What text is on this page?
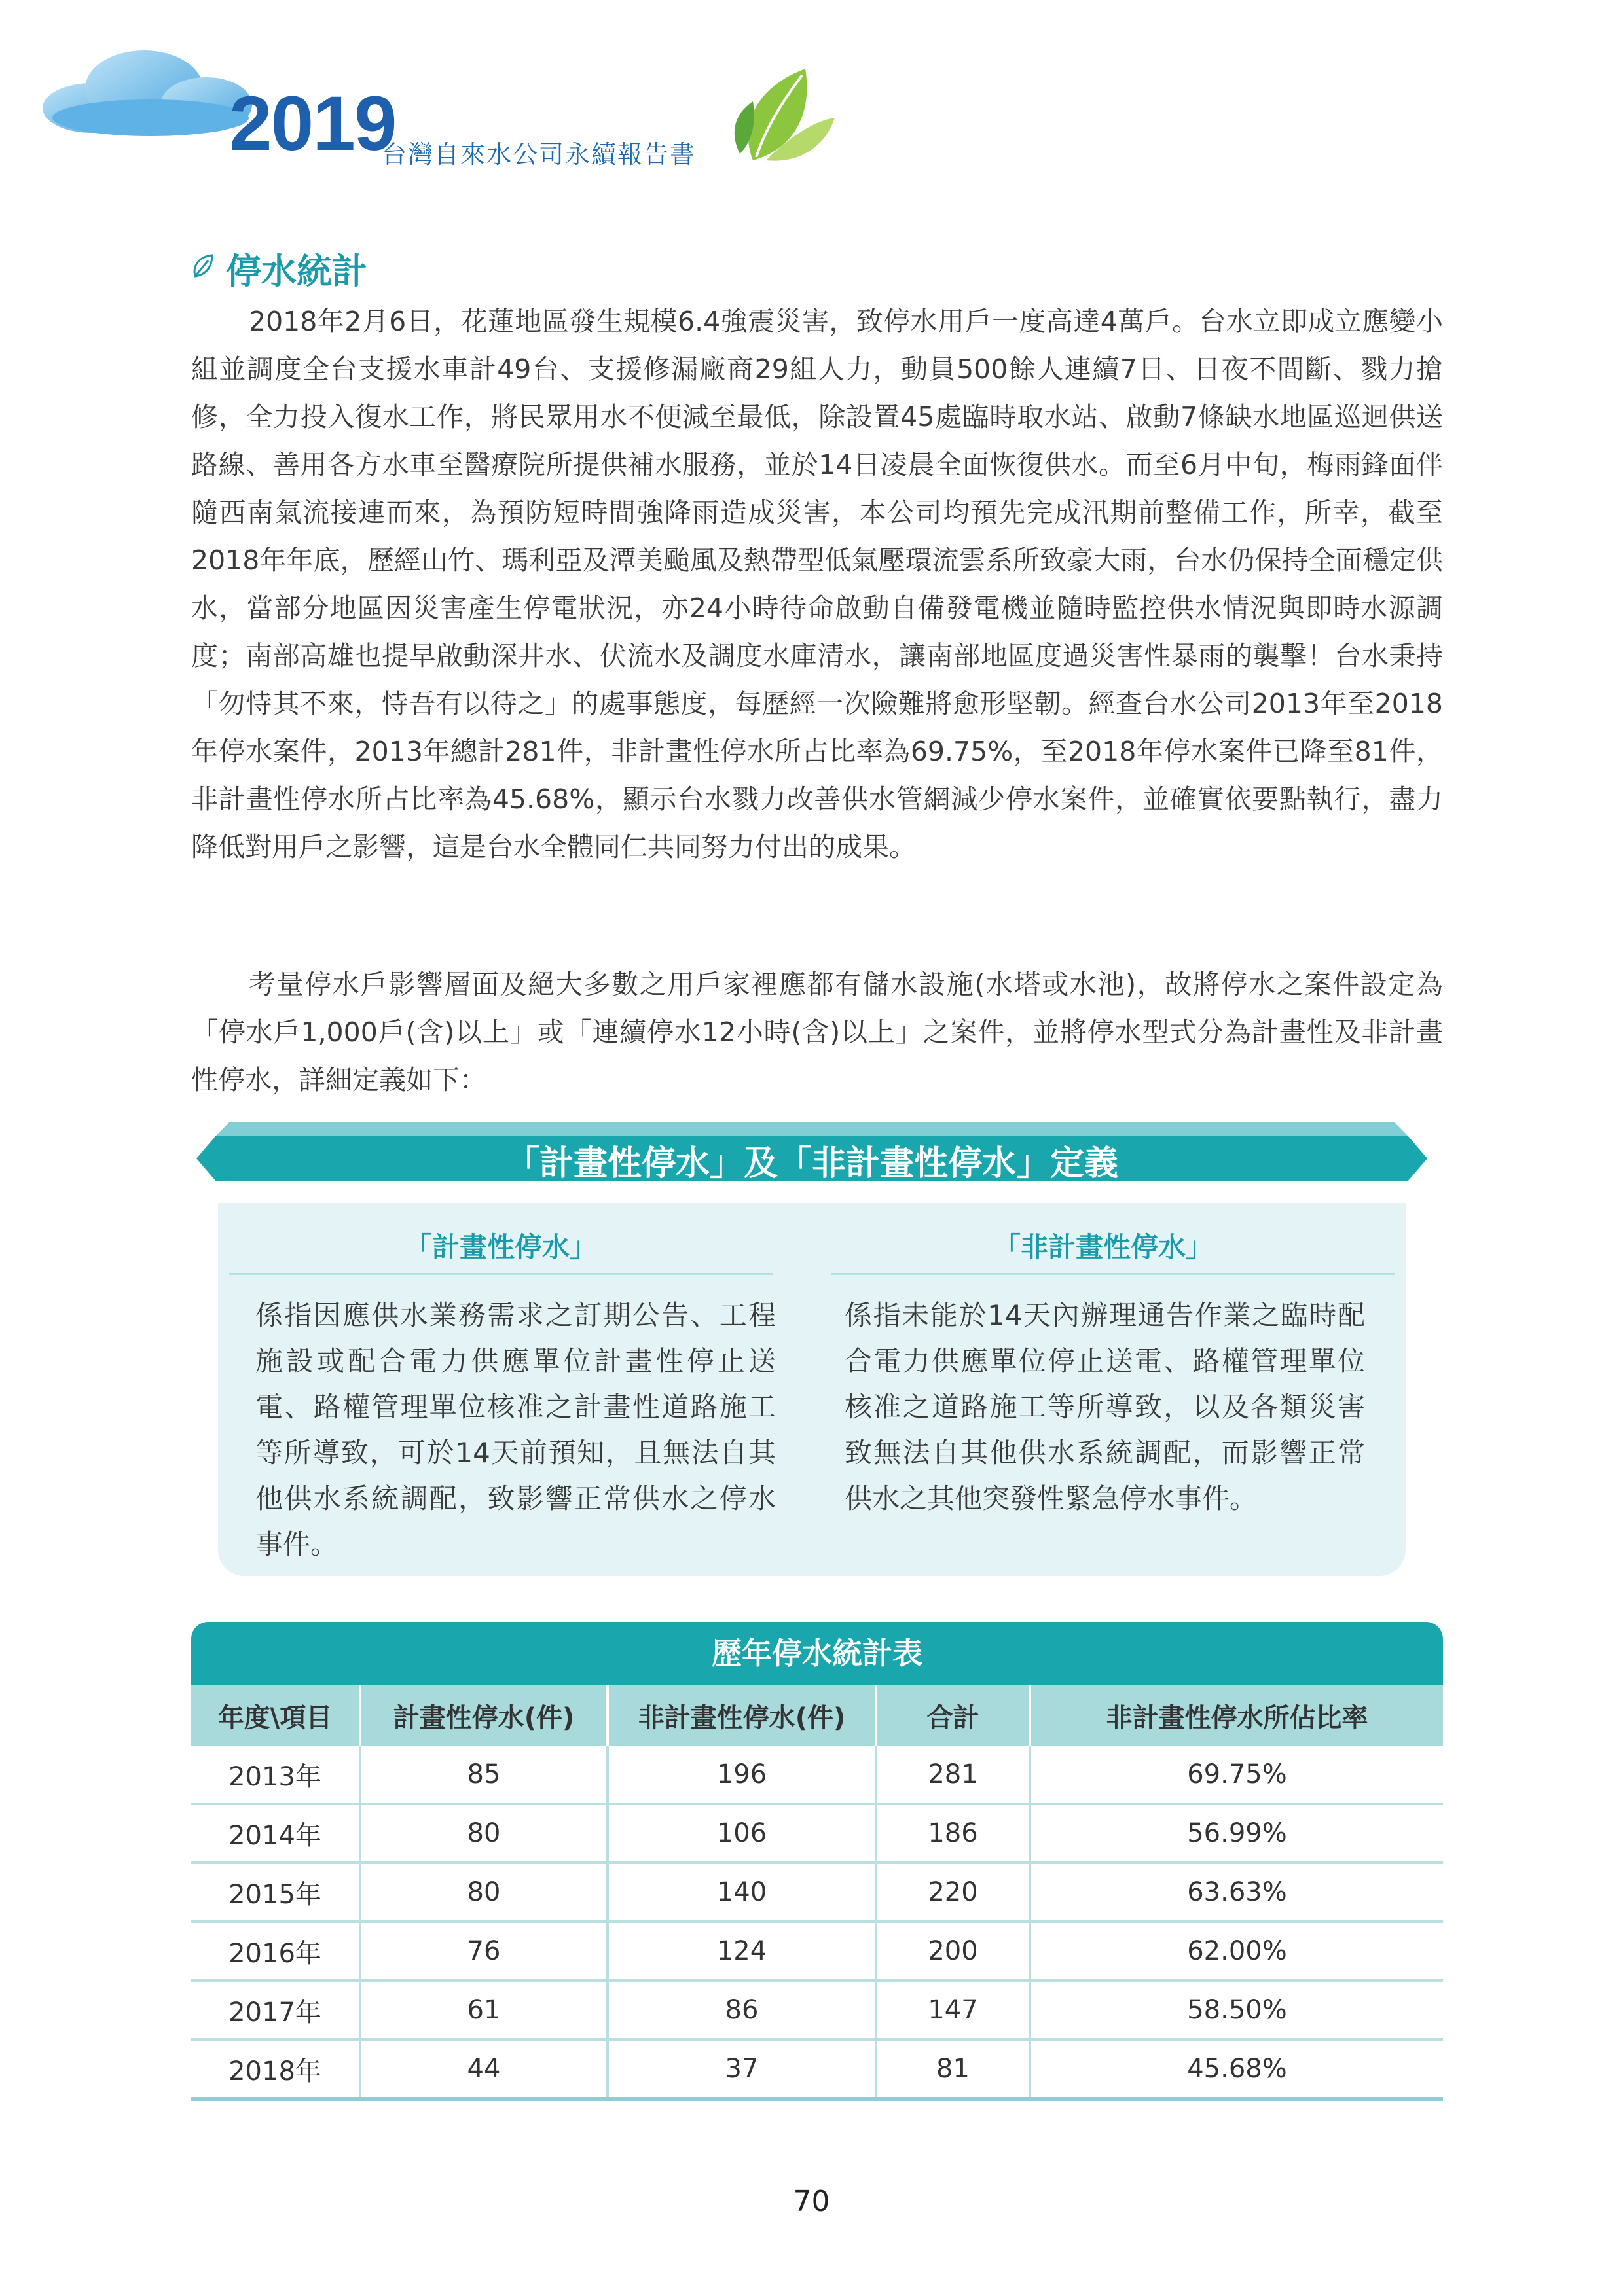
2019
台灣自來水公司永續報告書
停水統計

2018年2月6日，花蓮地區發生規模6.4強震災害，致停水用戶一度高達4萬戶。台水立即成立應變小組並調度全台支援水車計49台、支援修漏廠商29組人力，動員500餘人連續7日、日夜不間斷、戮力搶修，全力投入復水工作，將民眾用水不便減至最低，除設置45處臨時取水站、啟動7條缺水地區巡迴供送路線、善用各方水車至醫療院所提供補水服務，並於14日凌晨全面恢復供水。而至6月中旬，梅雨鋒面伴隨西南氣流接連而來，為預防短時間強降雨造成災害，本公司均預先完成汛期前整備工作，所幸，截至2018年年底，歷經山竹、瑪利亞及潭美颱風及熱帶型低氣壓環流雲系所致豪大雨，台水仍保持全面穩定供水，當部分地區因災害產生停電狀況，亦24小時待命啟動自備發電機並隨時監控供水情況與即時水源調度；南部高雄也提早啟動深井水、伏流水及調度水庫清水，讓南部地區度過災害性暴雨的襲擊！台水秉持「勿恃其不來，恃吾有以待之」的處事態度，每歷經一次險難將愈形堅韌。經查台水公司2013年至2018年停水案件，2013年總計281件，非計畫性停水所占比率為69.75%，至2018年停水案件已降至81件，非計畫性停水所占比率為45.68%，顯示台水戮力改善供水管網減少停水案件，並確實依要點執行，盡力降低對用戶之影響，這是台水全體同仁共同努力付出的成果。

考量停水戶影響層面及絕大多數之用戶家裡應都有儲水設施(水塔或水池)，故將停水之案件設定為「停水戶1,000戶(含)以上」或「連續停水12小時(含)以上」之案件，並將停水型式分為計畫性及非計畫性停水，詳細定義如下：

「計畫性停水」及「非計畫性停水」定義
「計畫性停水」	「非計畫性停水」
係指因應供水業務需求之訂期公告、工程施設或配合電力供應單位計畫性停止送電、路權管理單位核准之計畫性道路施工等所導致，可於14天前預知，且無法自其他供水系統調配，致影響正常供水之停水事件。
係指未能於14天內辦理通告作業之臨時配合電力供應單位停止送電、路權管理單位核准之道路施工等所導致，以及各類災害致無法自其他供水系統調配，而影響正常供水之其他突發性緊急停水事件。
歷年停水統計表
年度\項目	計畫性停水(件)	非計畫性停水(件)	合計	非計畫性停水所佔比率
2013年	85	196	281	69.75%
2014年	80	106	186	56.99%
2015年	80	140	220	63.63%
2016年	76	124	200	62.00%
2017年	61	86	147	58.50%
2018年	44	37	81	45.68%
70
